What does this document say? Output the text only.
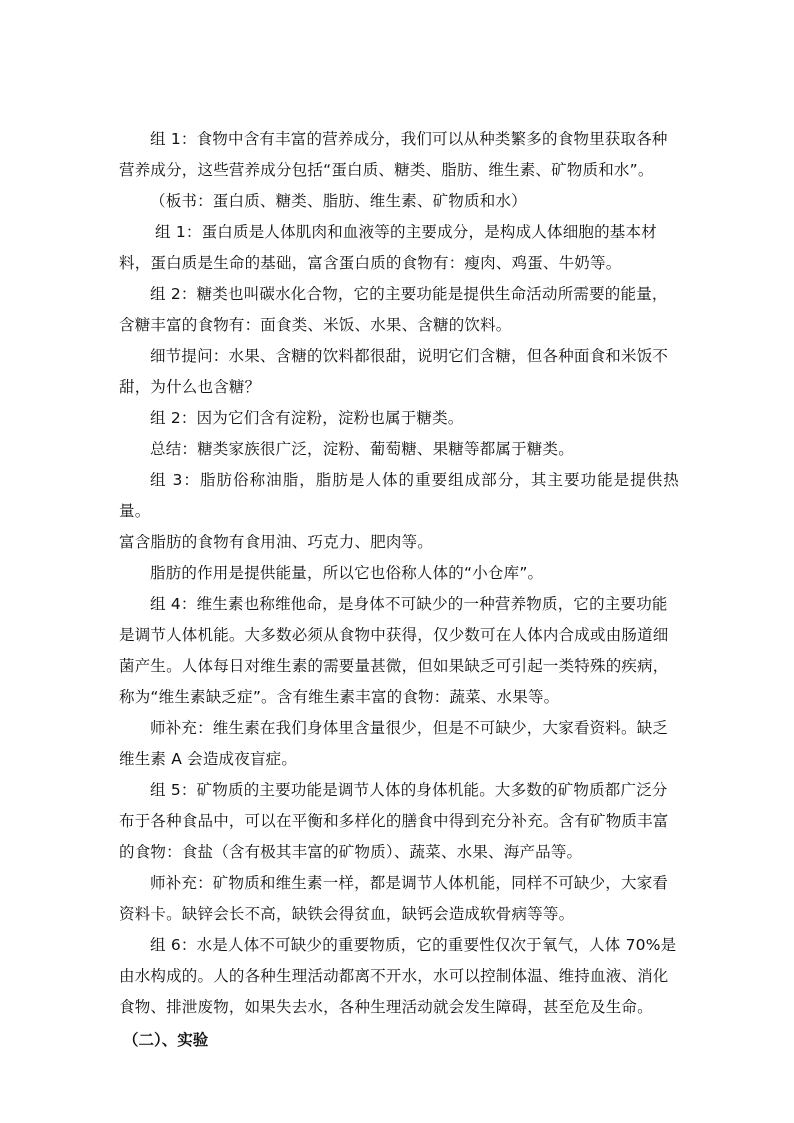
组 1：食物中含有丰富的营养成分，我们可以从种类繁多的食物里获取各种
营养成分，这些营养成分包括“蛋白质、糖类、脂肪、维生素、矿物质和水”。

（板书：蛋白质、糖类、脂肪、维生素、矿物质和水）

组 1：蛋白质是人体肌肉和血液等的主要成分，是构成人体细胞的基本材
料，蛋白质是生命的基础，富含蛋白质的食物有：瘦肉、鸡蛋、牛奶等。

组 2：糖类也叫碳水化合物，它的主要功能是提供生命活动所需要的能量，
含糖丰富的食物有：面食类、米饭、水果、含糖的饮料。

细节提问：水果、含糖的饮料都很甜，说明它们含糖，但各种面食和米饭不
甜，为什么也含糖？

组 2：因为它们含有淀粉，淀粉也属于糖类。

总结：糖类家族很广泛，淀粉、葡萄糖、果糖等都属于糖类。

组 3：脂肪俗称油脂，脂肪是人体的重要组成部分，其主要功能是提供热量。
富含脂肪的食物有食用油、巧克力、肥肉等。

脂肪的作用是提供能量，所以它也俗称人体的“小仓库”。

组 4：维生素也称维他命，是身体不可缺少的一种营养物质，它的主要功能
是调节人体机能。大多数必须从食物中获得，仅少数可在人体内合成或由肠道细
菌产生。人体每日对维生素的需要量甚微，但如果缺乏可引起一类特殊的疾病，
称为“维生素缺乏症”。含有维生素丰富的食物：蔬菜、水果等。

师补充：维生素在我们身体里含量很少，但是不可缺少，大家看资料。缺乏
维生素 A 会造成夜盲症。

组 5：矿物质的主要功能是调节人体的身体机能。大多数的矿物质都广泛分
布于各种食品中，可以在平衡和多样化的膳食中得到充分补充。含有矿物质丰富
的食物：食盐（含有极其丰富的矿物质）、蔬菜、水果、海产品等。

师补充：矿物质和维生素一样，都是调节人体机能，同样不可缺少，大家看
资料卡。缺锌会长不高，缺铁会得贫血，缺钙会造成软骨病等等。

组 6：水是人体不可缺少的重要物质，它的重要性仅次于氧气，人体 70%是
由水构成的。人的各种生理活动都离不开水，水可以控制体温、维持血液、消化
食物、排泄废物，如果失去水，各种生理活动就会发生障碍，甚至危及生命。

（二）、实验
